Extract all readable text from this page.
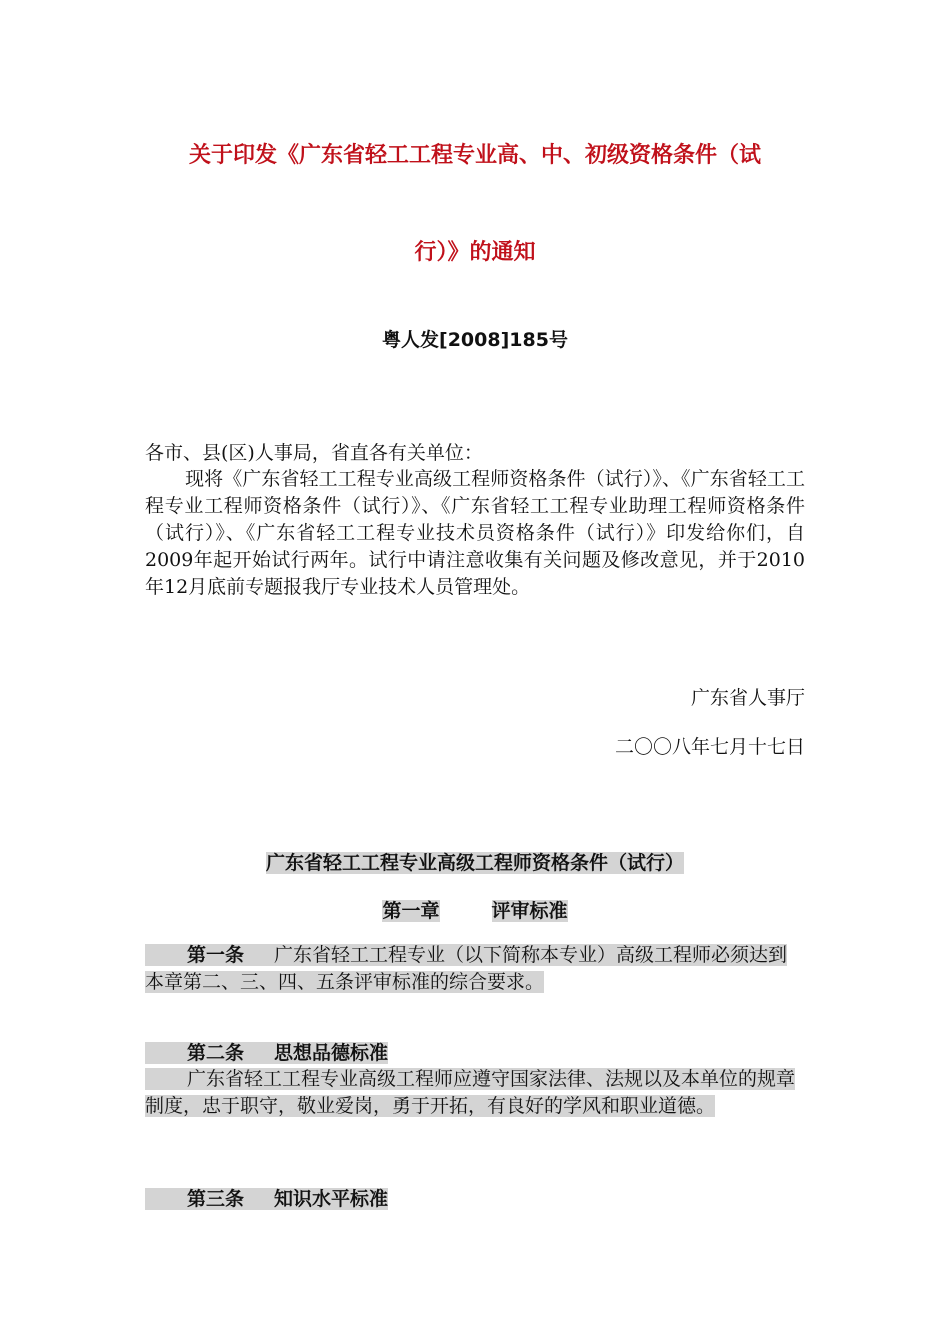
关于印发《广东省轻工工程专业高、中、初级资格条件（试
行）》的通知
粤人发[2008]185号
各市、县(区)人事局，省直各有关单位：
现将《广东省轻工工程专业高级工程师资格条件（试行）》、《广东省轻工工程专业工程师资格条件（试行）》、《广东省轻工工程专业助理工程师资格条件（试行）》、《广东省轻工工程专业技术员资格条件（试行）》印发给你们，自2009年起开始试行两年。试行中请注意收集有关问题及修改意见，并于2010年12月底前专题报我厅专业技术人员管理处。
广东省人事厅
二〇〇八年七月十七日
广东省轻工工程专业高级工程师资格条件（试行）
第一章	评审标准
第一条 广东省轻工工程专业（以下简称本专业）高级工程师必须达到本章第二、三、四、五条评审标准的综合要求。
第二条 思想品德标准
广东省轻工工程专业高级工程师应遵守国家法律、法规以及本单位的规章制度，忠于职守，敬业爱岗，勇于开拓，有良好的学风和职业道德。
第三条 知识水平标准
